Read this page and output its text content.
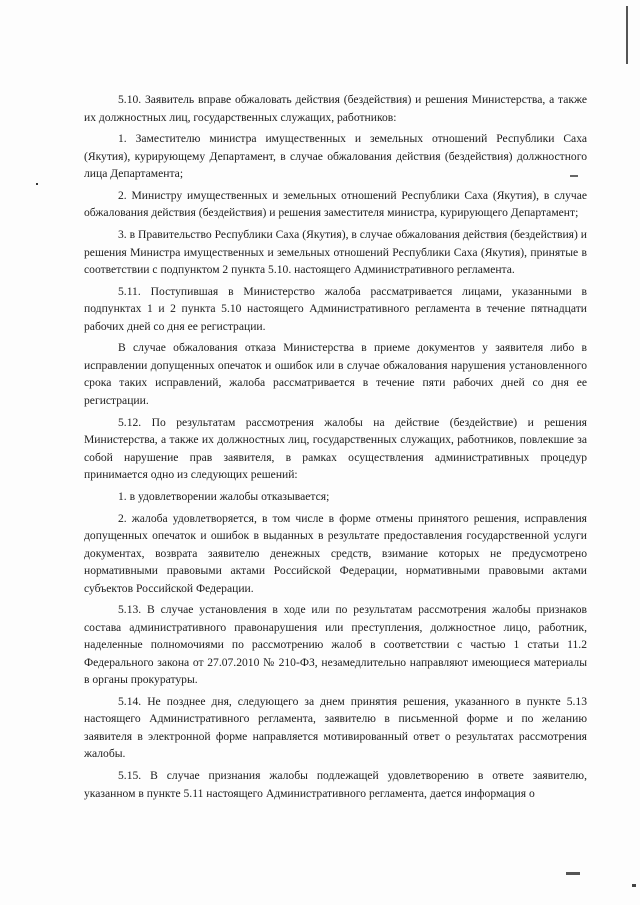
5.10. Заявитель вправе обжаловать действия (бездействия) и решения Министерства, а также их должностных лиц, государственных служащих, работников:

1. Заместителю министра имущественных и земельных отношений Республики Саха (Якутия), курирующему Департамент, в случае обжалования действия (бездействия) должностного лица Департамента;

2. Министру имущественных и земельных отношений Республики Саха (Якутия), в случае обжалования действия (бездействия) и решения заместителя министра, курирующего Департамент;

3. в Правительство Республики Саха (Якутия), в случае обжалования действия (бездействия) и решения Министра имущественных и земельных отношений Республики Саха (Якутия), принятые в соответствии с подпунктом 2 пункта 5.10. настоящего Административного регламента.

5.11. Поступившая в Министерство жалоба рассматривается лицами, указанными в подпунктах 1 и 2 пункта 5.10 настоящего Административного регламента в течение пятнадцати рабочих дней со дня ее регистрации.

В случае обжалования отказа Министерства в приеме документов у заявителя либо в исправлении допущенных опечаток и ошибок или в случае обжалования нарушения установленного срока таких исправлений, жалоба рассматривается в течение пяти рабочих дней со дня ее регистрации.

5.12. По результатам рассмотрения жалобы на действие (бездействие) и решения Министерства, а также их должностных лиц, государственных служащих, работников, повлекшие за собой нарушение прав заявителя, в рамках осуществления административных процедур принимается одно из следующих решений:

1. в удовлетворении жалобы отказывается;

2. жалоба удовлетворяется, в том числе в форме отмены принятого решения, исправления допущенных опечаток и ошибок в выданных в результате предоставления государственной услуги документах, возврата заявителю денежных средств, взимание которых не предусмотрено нормативными правовыми актами Российской Федерации, нормативными правовыми актами субъектов Российской Федерации.

5.13. В случае установления в ходе или по результатам рассмотрения жалобы признаков состава административного правонарушения или преступления, должностное лицо, работник, наделенные полномочиями по рассмотрению жалоб в соответствии с частью 1 статьи 11.2 Федерального закона от 27.07.2010 № 210-ФЗ, незамедлительно направляют имеющиеся материалы в органы прокуратуры.

5.14. Не позднее дня, следующего за днем принятия решения, указанного в пункте 5.13 настоящего Административного регламента, заявителю в письменной форме и по желанию заявителя в электронной форме направляется мотивированный ответ о результатах рассмотрения жалобы.

5.15. В случае признания жалобы подлежащей удовлетворению в ответе заявителю, указанном в пункте 5.11 настоящего Административного регламента, дается информация о
